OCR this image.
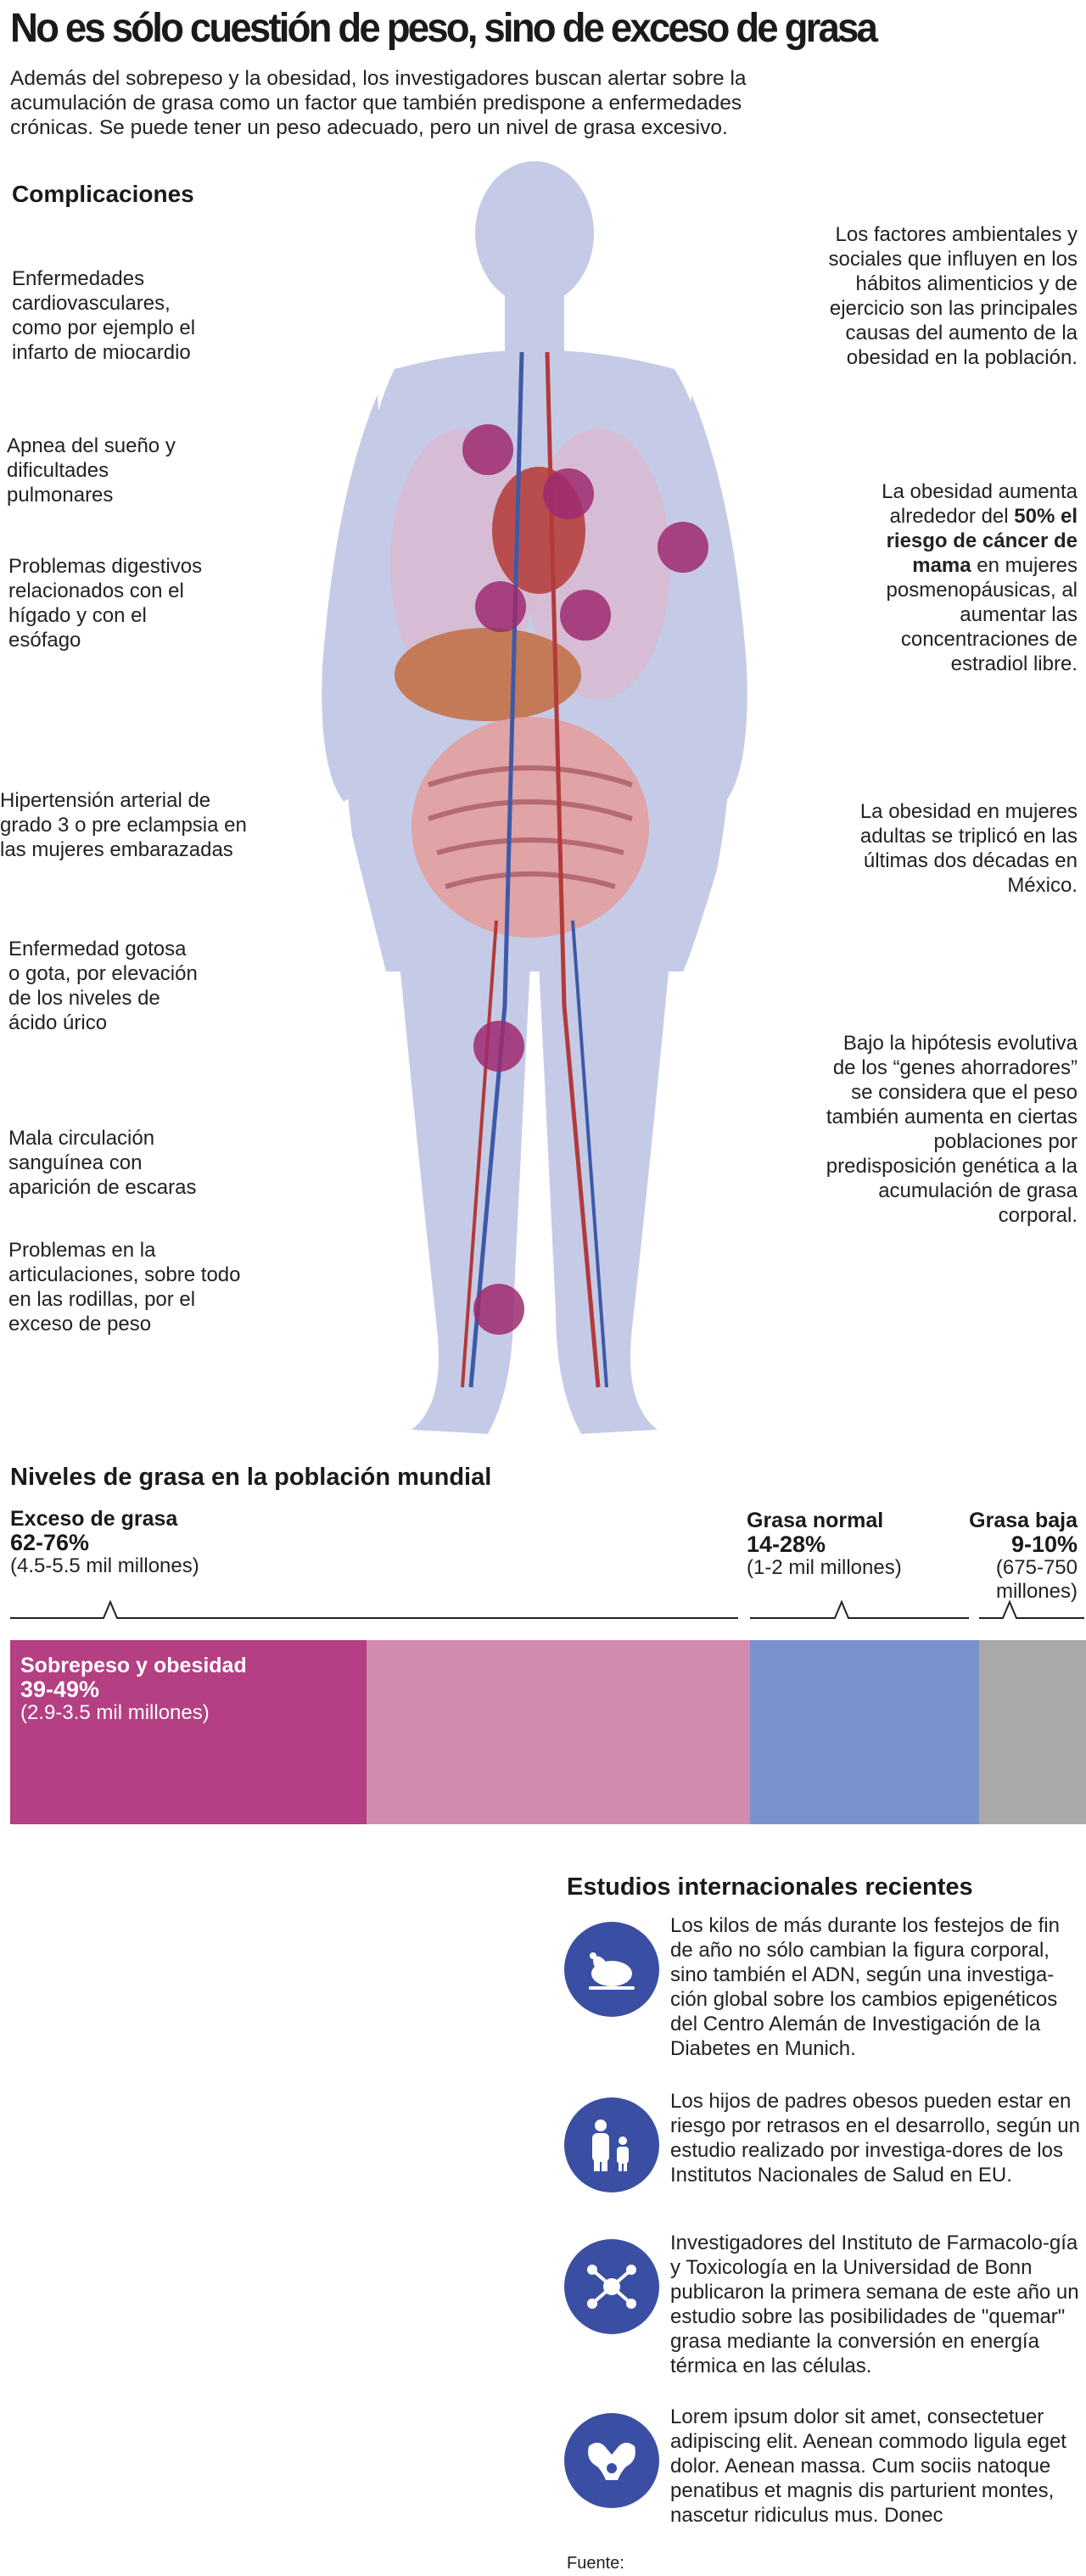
No es sólo cuestión de peso, sino de exceso de grasa
Además del sobrepeso y la obesidad, los investigadores buscan alertar sobre la acumulación de grasa como un factor que también predispone a enfermedades crónicas. Se puede tener un peso adecuado, pero un nivel de grasa excesivo.
Complicaciones
Enfermedades cardiovasculares, como por ejemplo el infarto de miocardio
Apnea del sueño y dificultades pulmonares
Problemas digestivos relacionados con el hígado y con el esófago
Hipertensión arterial de grado 3 o pre eclampsia en las mujeres embarazadas
Enfermedad gotosa o gota, por elevación de los niveles de ácido úrico
Mala circulación sanguínea con aparición de escaras
Problemas en la articulaciones, sobre todo en las rodillas, por el exceso de peso
Los factores ambientales y sociales que influyen en los hábitos alimenticios y de ejercicio son las principales causas del aumento de la obesidad en la población.
La obesidad aumenta alrededor del 50% el riesgo de cáncer de mama en mujeres posmenopáusicas, al aumentar las concentraciones de estradiol libre.
La obesidad en mujeres adultas se triplicó en las últimas dos décadas en México.
Bajo la hipótesis evolutiva de los “genes ahorradores” se considera que el peso también aumenta en ciertas poblaciones por predisposición genética a la acumulación de grasa corporal.
Niveles de grasa en la población mundial
Exceso de grasa
62-76%
(4.5-5.5 mil millones)
Grasa normal
14-28%
(1-2 mil millones)
Grasa baja
9-10%
(675-750
millones)
Sobrepeso y obesidad
39-49%
(2.9-3.5 mil millones)
Estudios internacionales recientes
Los kilos de más durante los festejos de fin de año no sólo cambian la figura corporal, sino también el ADN, según una investiga-ción global sobre los cambios epigenéticos del Centro Alemán de Investigación de la Diabetes en Munich.
Los hijos de padres obesos pueden estar en riesgo por retrasos en el desarrollo, según un estudio realizado por investiga-dores de los Institutos Nacionales de Salud en EU.
Investigadores del Instituto de Farmacolo-gía y Toxicología en la Universidad de Bonn publicaron la primera semana de este año un estudio sobre las posibilidades de "quemar" grasa mediante la conversión en energía térmica en las células.
Lorem ipsum dolor sit amet, consectetuer adipiscing elit. Aenean commodo ligula eget dolor. Aenean massa. Cum sociis natoque penatibus et magnis dis parturient montes, nascetur ridiculus mus. Donec
Fuente:
